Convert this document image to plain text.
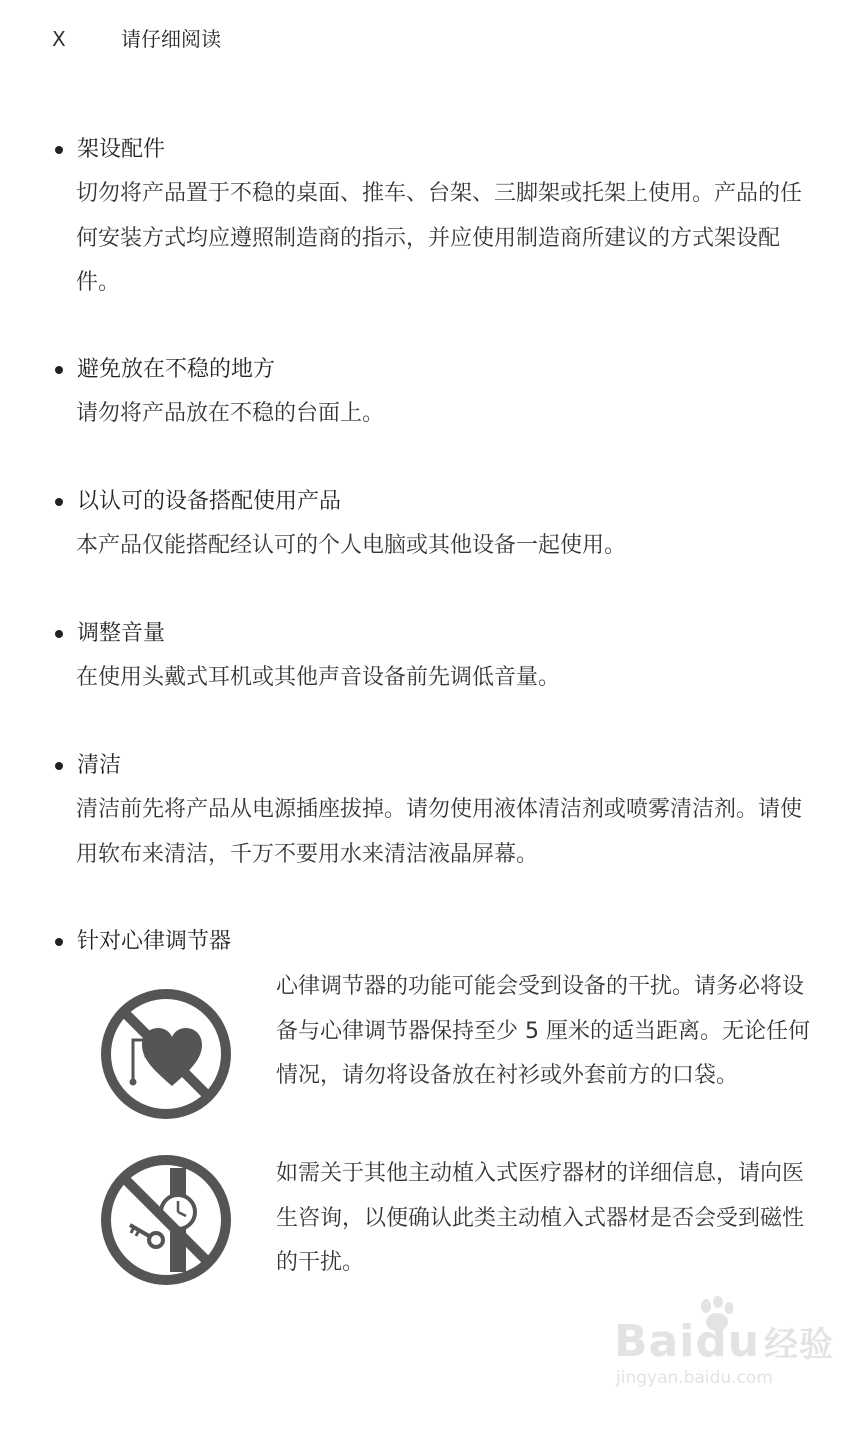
X	请仔细阅读
架设配件
切勿将产品置于不稳的桌面、推车、台架、三脚架或托架上使用。产品的任何安装方式均应遵照制造商的指示，并应使用制造商所建议的方式架设配件。
避免放在不稳的地方
请勿将产品放在不稳的台面上。
以认可的设备搭配使用产品
本产品仅能搭配经认可的个人电脑或其他设备一起使用。
调整音量
在使用头戴式耳机或其他声音设备前先调低音量。
清洁
清洁前先将产品从电源插座拔掉。请勿使用液体清洁剂或喷雾清洁剂。请使用软布来清洁，千万不要用水来清洁液晶屏幕。
针对心律调节器
心律调节器的功能可能会受到设备的干扰。请务必将设备与心律调节器保持至少 5 厘米的适当距离。无论任何情况，请勿将设备放在衬衫或外套前方的口袋。
如需关于其他主动植入式医疗器材的详细信息，请向医生咨询，以便确认此类主动植入式器材是否会受到磁性的干扰。
Baidu 经验
jingyan.baidu.com
